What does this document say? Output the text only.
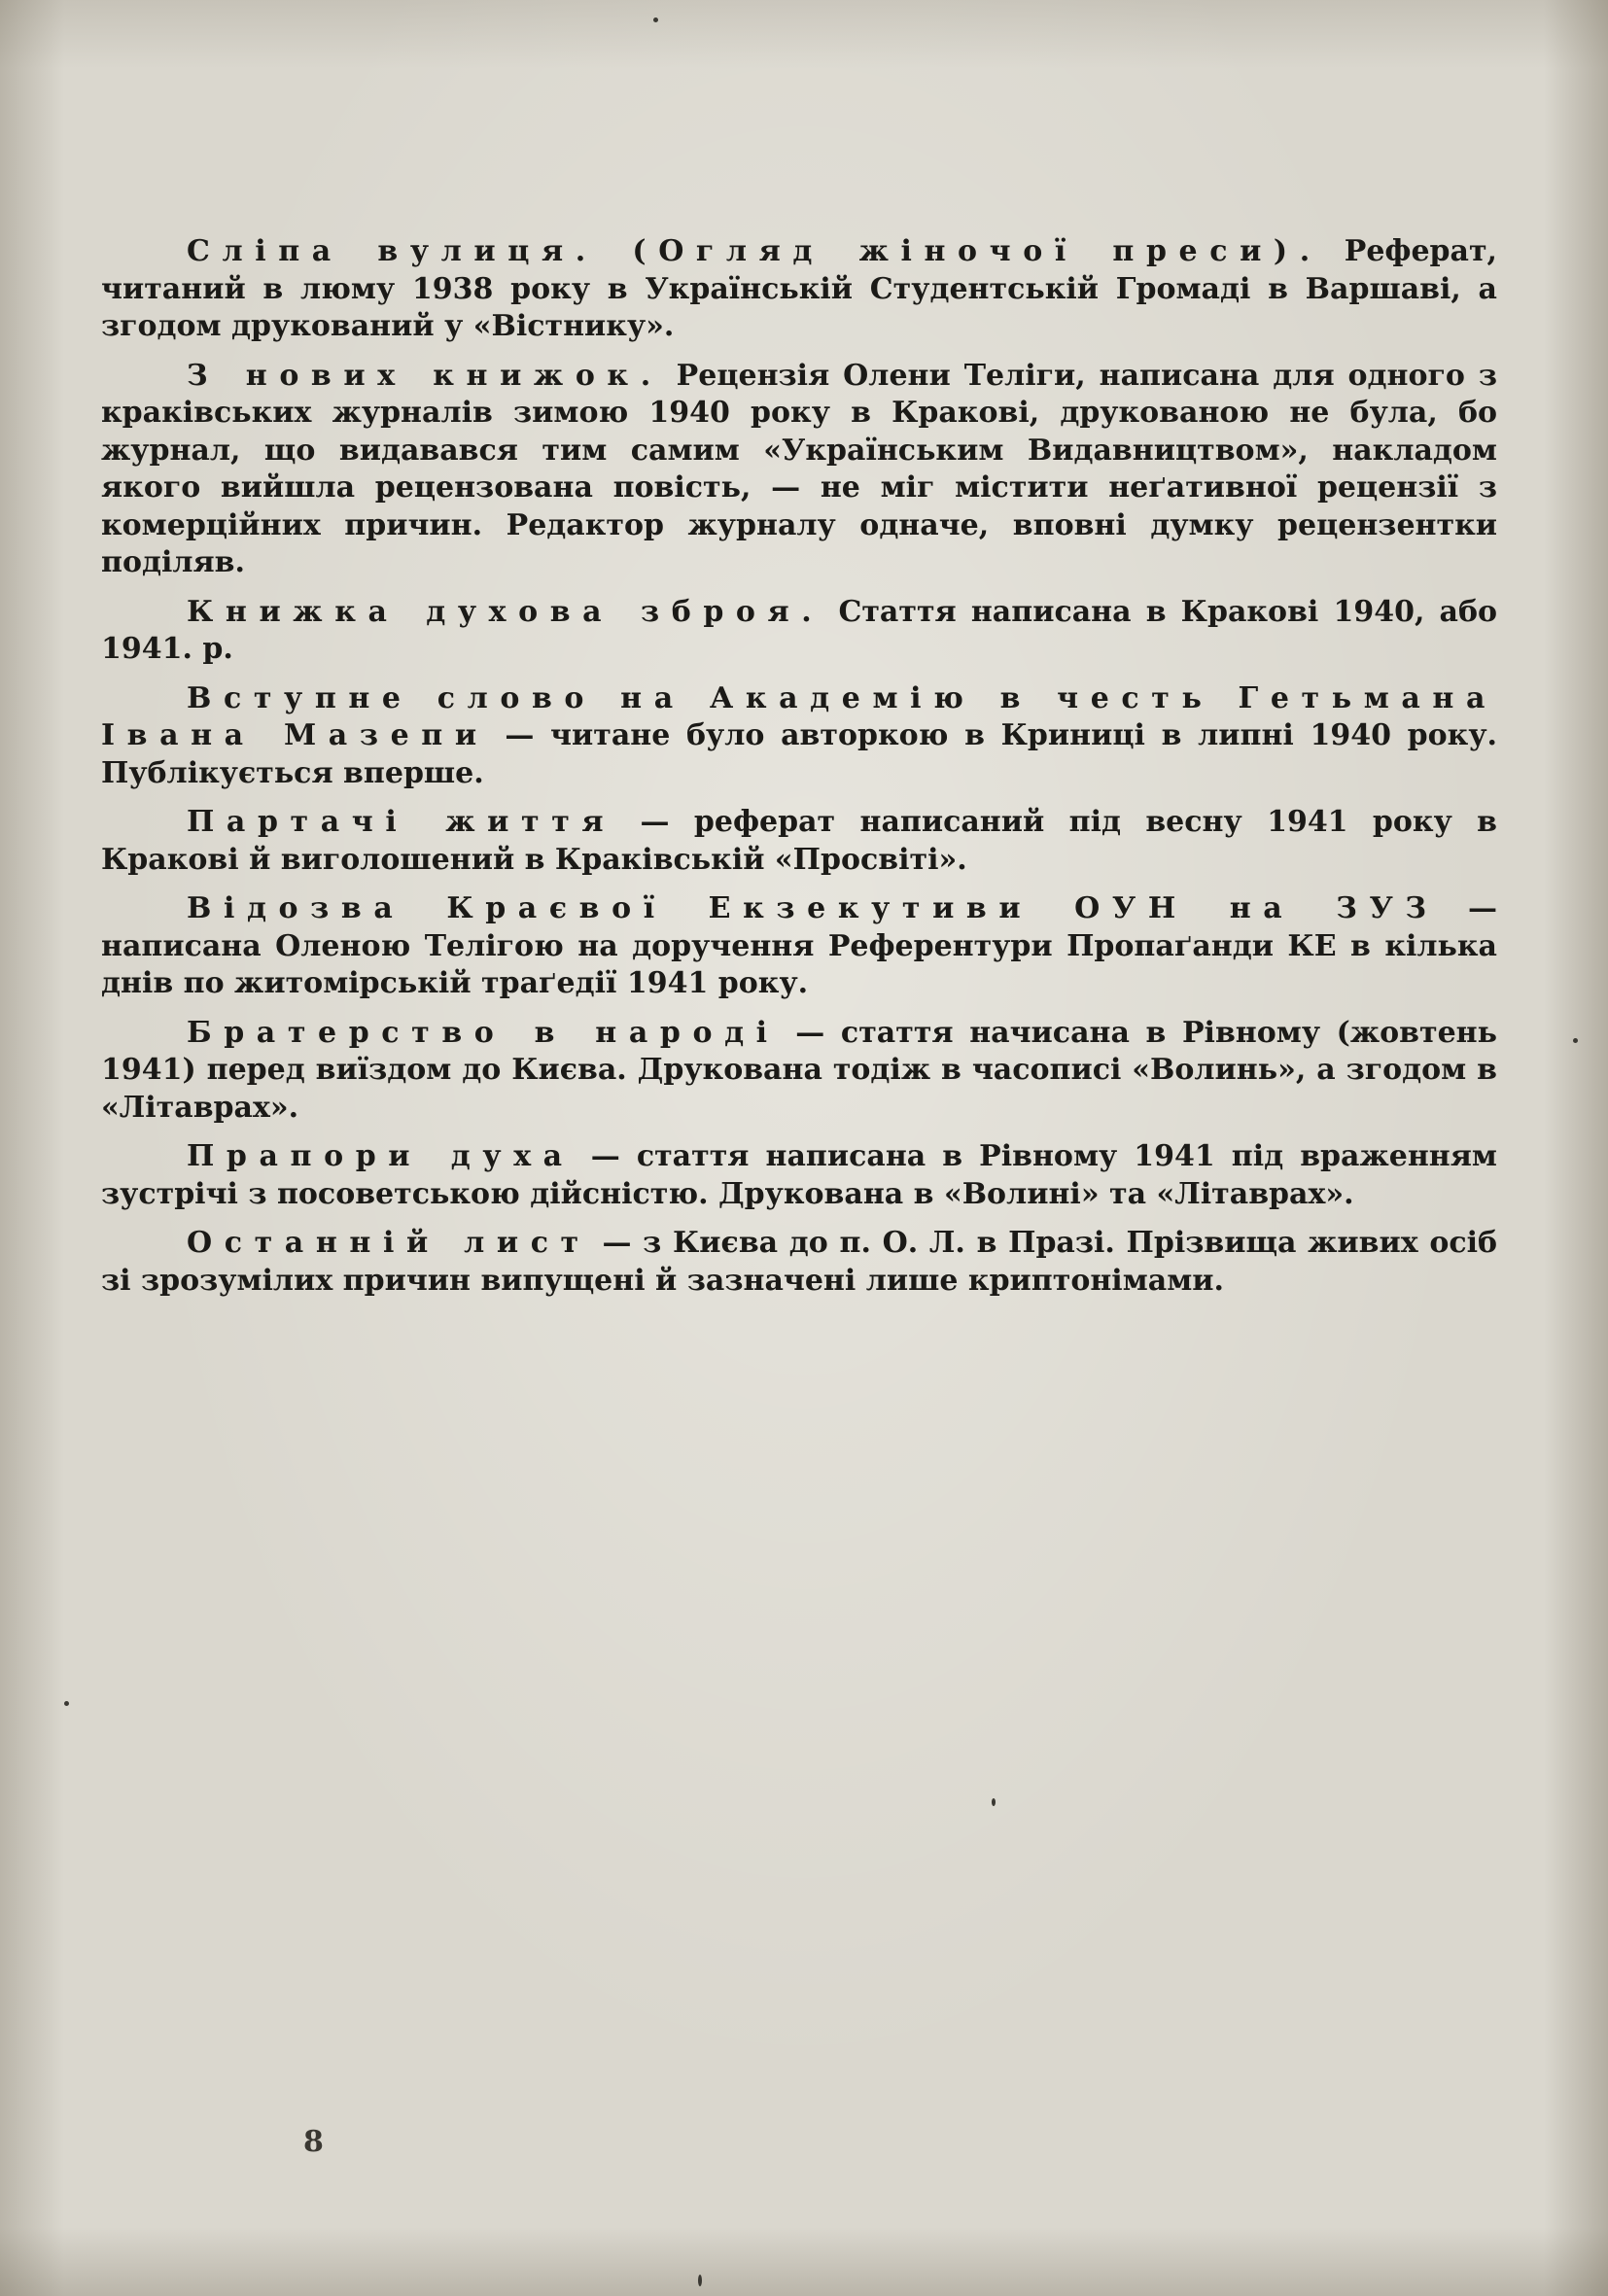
Сліпа вулиця. (Огляд жіночої преси). Реферат, читаний в люму 1938 року в Українській Студентській Громаді в Варшаві, а згодом друкований у «Вістнику».

З нових книжок. Рецензія Олени Теліги, написана для одного з краківських журналів зимою 1940 року в Кракові, друкованою не була, бо журнал, що видавався тим самим «Українським Видавництвом», накладом якого вийшла рецензована повість, — не міг містити неґативної рецензії з комерційних причин. Редактор журналу одначе, вповні думку рецензентки поділяв.

Книжка духова зброя. Стаття написана в Кракові 1940, або 1941. р.

Вступне слово на Академію в честь Гетьмана Івана Мазепи — читане було авторкою в Криниці в липні 1940 року. Публікується вперше.

Партачі життя — реферат написаний під весну 1941 року в Кракові й виголошений в Краківській «Просвіті».

Відозва Краєвої Екзекутиви ОУН на ЗУЗ — написана Оленою Телігою на доручення Референтури Пропаґанди КЕ в кілька днів по житомірській траґедії 1941 року.

Братерство в народі — стаття начисана в Рівному (жовтень 1941) перед виїздом до Києва. Друкована тодіж в часописі «Волинь», а згодом в «Літаврах».

Прапори духа — стаття написана в Рівному 1941 під враженням зустрічі з посоветською дійсністю. Друкована в «Волині» та «Літаврах».

Останній лист — з Києва до п. О. Л. в Празі. Прізвища живих осіб зі зрозумілих причин випущені й зазначені лише криптонімами.

8
